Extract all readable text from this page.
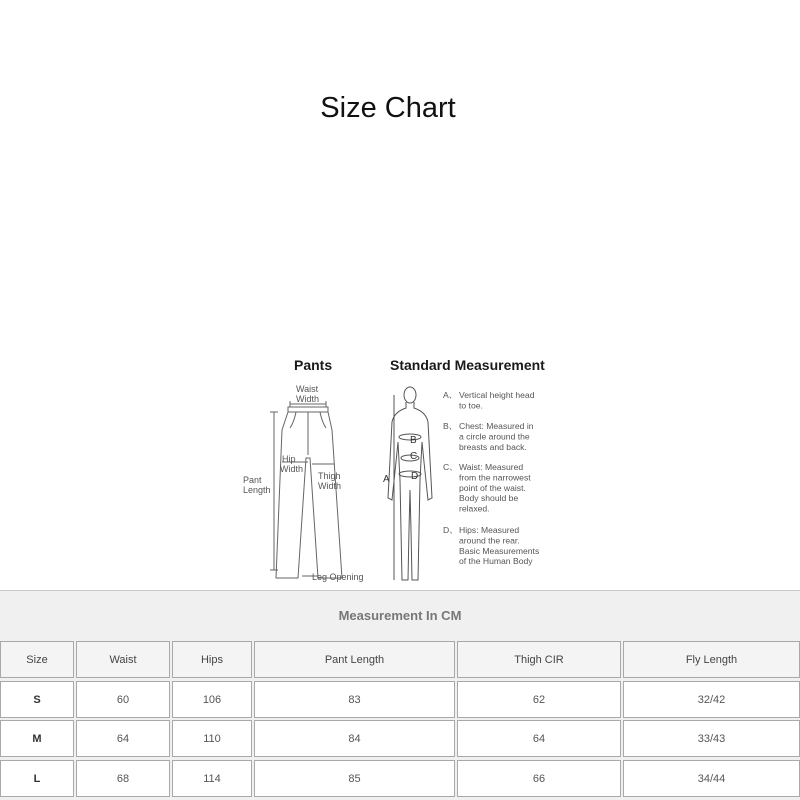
Size Chart
Pants	Standard Measurement
Waist
Width
Hip
Width
Thigh
Width
Pant
Length
Leg Opening
B
C
D
A
A、 Vertical height head
to toe.
B、 Chest: Measured in
a circle around the
breasts and back.
C、 Waist: Measured
from the narrowest
point of the waist.
Body should be
relaxed.
D、 Hips: Measured
around the rear.
Basic Measurements
of the Human Body
Measurement In CM
Size	Waist	Hips	Pant Length	Thigh CIR	Fly Length
S	60	106	83	62	32/42
M	64	110	84	64	33/43
L	68	114	85	66	34/44
